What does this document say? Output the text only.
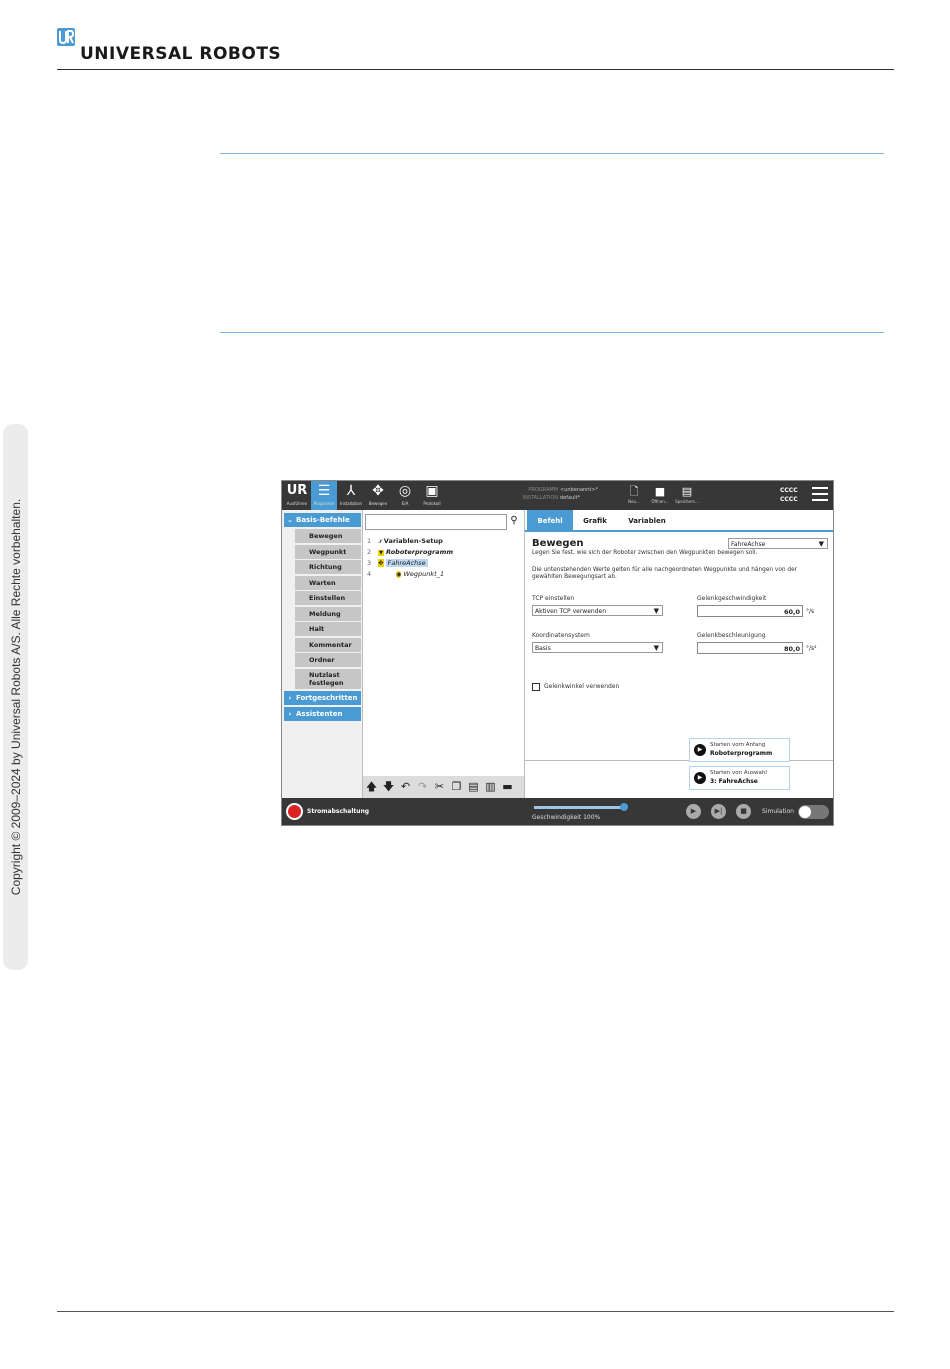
UNIVERSAL ROBOTS
Copyright © 2009–2024 by Universal Robots A/S. Alle Rechte vorbehalten.
UR
Ausführen
☰
Programm
⅄
Installation
✥
Bewegen
◎
E/A
▣
Protokoll
PROGRAMM <unbenannt>*
INSTALLATION default*	🗋
Neu...
■
Öffnen...
▤
Speichern...
CCCC
CCCC
⌄ Basis-Befehle
Bewegen
Wegpunkt
Richtung
Warten
Einstellen
Meldung
Halt
Kommentar
Ordner
Nutzlast
festlegen
› Fortgeschritten
› Assistenten
⚲
1 𝑥 Variablen-Setup
2 ▼ Roboterprogramm
3 ✥ FahreAchse
4	◉ Wegpunkt_1
🡅 🡇 ↶ ↷ ✂ ❐ ▤ ▥ ▬
Befehl	Grafik	Variablen
Bewegen	FahreAchse	▼
Legen Sie fest, wie sich der Roboter zwischen den Wegpunkten bewegen soll.
Die untenstehenden Werte gelten für alle nachgeordneten Wegpunkte und hängen von der gewählten Bewegungsart ab.
TCP einstellen
Aktiven TCP verwenden	▼
Koordinatensystem
Basis	▼
Gelenkgeschwindigkeit
60,0	°/s
Gelenkbeschleunigung
80,0	°/s²
Gelenkwinkel verwenden
▶
Starten vom Anfang
Roboterprogramm
▶
Starten von Auswahl
3: FahreAchse
Stromabschaltung
Geschwindigkeit 100%
▶	▶|	■	Simulation
